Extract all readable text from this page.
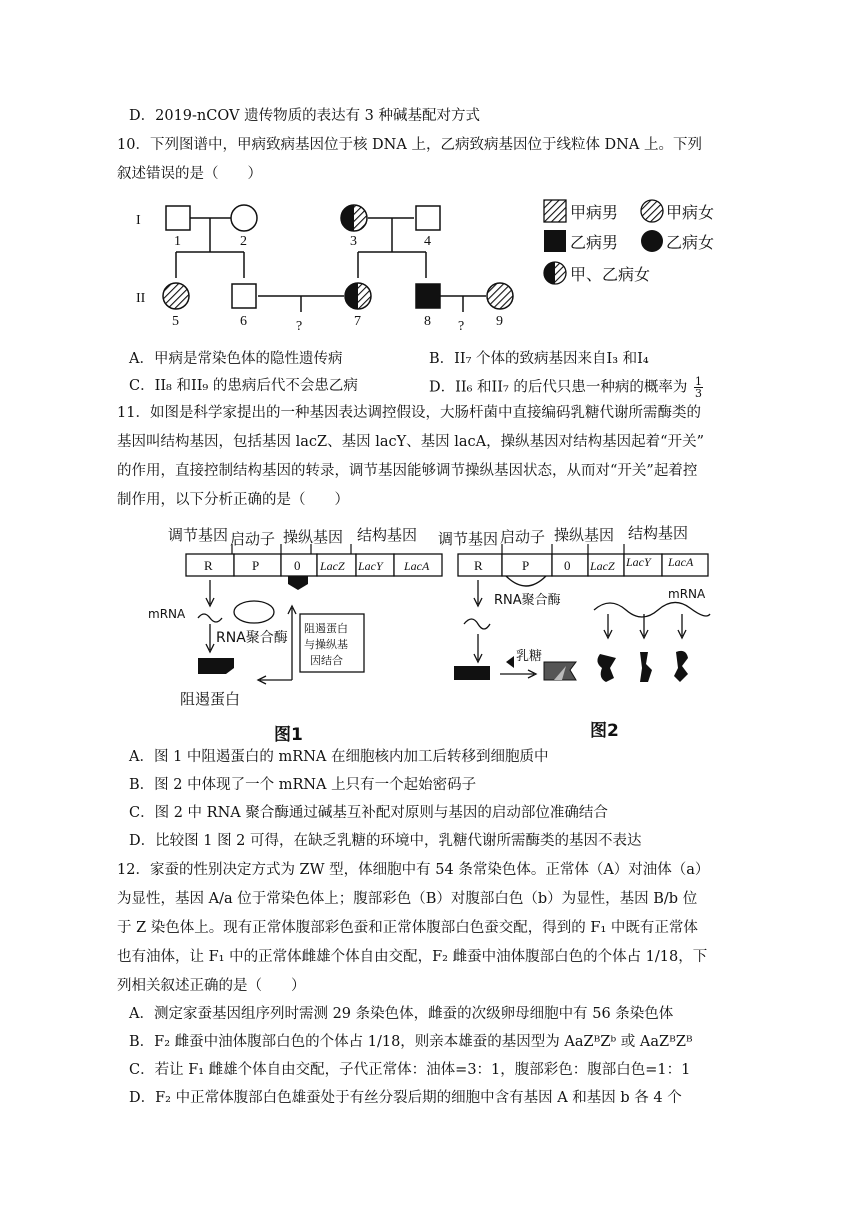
D．2019-nCOV 遗传物质的表达有 3 种碱基配对方式
10．下列图谱中，甲病致病基因位于核 DNA 上，乙病致病基因位于线粒体 DNA 上。下列
叙述错误的是（　　）
I
II
1	2	3	4
5	6	7	8	9
?	?
甲病男	甲病女
乙病男	乙病女
甲、乙病女
A．甲病是常染色体的隐性遗传病	B．II₇ 个体的致病基因来自I₃ 和I₄
C．II₈ 和II₉ 的患病后代不会患乙病	D．II₆ 和II₇ 的后代只患一种病的概率为 $\frac{1}{3}$
11．如图是科学家提出的一种基因表达调控假设，大肠杆菌中直接编码乳糖代谢所需酶类的
基因叫结构基因，包括基因 lacZ、基因 lacY、基因 lacA，操纵基因对结构基因起着“开关”
的作用，直接控制结构基因的转录，调节基因能够调节操纵基因状态，从而对“开关”起着控
制作用，以下分析正确的是（　　）
调节基因 启动子 操纵基因 结构基因
R	P	0 LacZ LacY LacA
mRNA
RNA聚合酶
阻遏蛋白
与操纵基
因结合
阻遏蛋白
图1
调节基因 启动子 操纵基因 结构基因
R	P	0 LacZ LacY LacA
RNA聚合酶	mRNA
乳糖
图2
A．图 1 中阻遏蛋白的 mRNA 在细胞核内加工后转移到细胞质中
B．图 2 中体现了一个 mRNA 上只有一个起始密码子
C．图 2 中 RNA 聚合酶通过碱基互补配对原则与基因的启动部位准确结合
D．比较图 1 图 2 可得，在缺乏乳糖的环境中，乳糖代谢所需酶类的基因不表达
12．家蚕的性别决定方式为 ZW 型，体细胞中有 54 条常染色体。正常体（A）对油体（a）
为显性，基因 A/a 位于常染色体上；腹部彩色（B）对腹部白色（b）为显性，基因 B/b 位
于 Z 染色体上。现有正常体腹部彩色蚕和正常体腹部白色蚕交配，得到的 F₁ 中既有正常体
也有油体，让 F₁ 中的正常体雌雄个体自由交配，F₂ 雌蚕中油体腹部白色的个体占 1/18，下
列相关叙述正确的是（　　）
A．测定家蚕基因组序列时需测 29 条染色体，雌蚕的次级卵母细胞中有 56 条染色体
B．F₂ 雌蚕中油体腹部白色的个体占 1/18，则亲本雄蚕的基因型为 AaZᴮZᵇ 或 AaZᴮZᴮ
C．若让 F₁ 雌雄个体自由交配，子代正常体：油体=3：1，腹部彩色：腹部白色=1：1
D．F₂ 中正常体腹部白色雄蚕处于有丝分裂后期的细胞中含有基因 A 和基因 b 各 4 个
